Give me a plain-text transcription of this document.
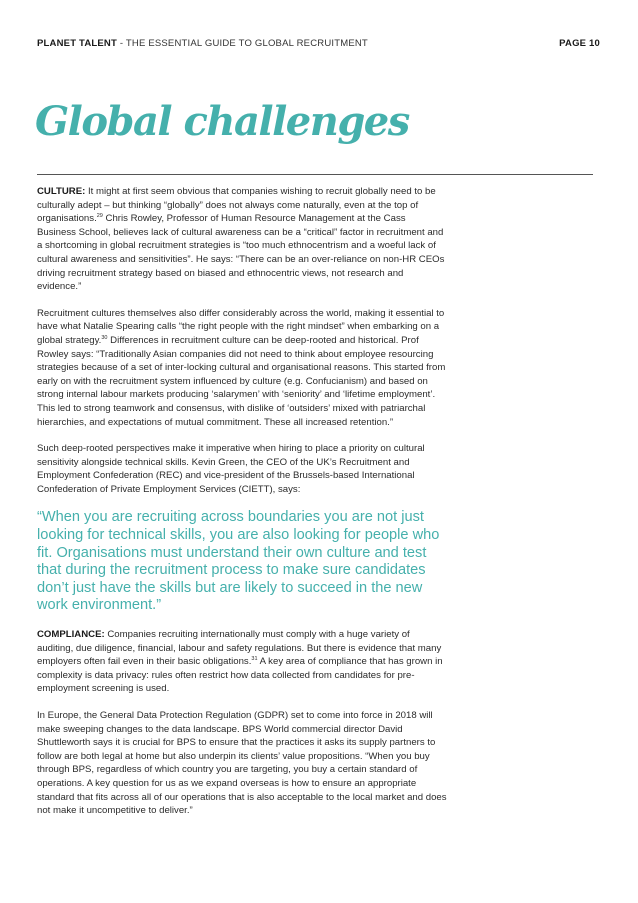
PLANET TALENT - THE ESSENTIAL GUIDE TO GLOBAL RECRUITMENT	PAGE 10
Global challenges

CULTURE: It might at first seem obvious that companies wishing to recruit globally need to be culturally adept – but thinking “globally” does not always come naturally, even at the top of organisations.$^{29}$ Chris Rowley, Professor of Human Resource Management at the Cass Business School, believes lack of cultural awareness can be a “critical” factor in recruitment and a shortcoming in global recruitment strategies is “too much ethnocentrism and a woeful lack of cultural awareness and sensitivities”. He says: “There can be an over-reliance on non-HR CEOs driving recruitment strategy based on biased and ethnocentric views, not research and evidence.”

Recruitment cultures themselves also differ considerably across the world, making it essential to have what Natalie Spearing calls “the right people with the right mindset” when embarking on a global strategy.$^{30}$ Differences in recruitment culture can be deep-rooted and historical. Prof Rowley says: “Traditionally Asian companies did not need to think about employee resourcing strategies because of a set of inter-locking cultural and organisational reasons. This started from early on with the recruitment system influenced by culture (e.g. Confucianism) and based on strong internal labour markets producing ‘salarymen’ with ‘seniority’ and ‘lifetime employment’. This led to strong teamwork and consensus, with dislike of ‘outsiders’ mixed with patriarchal hierarchies, and expectations of mutual commitment. These all increased retention.”

Such deep-rooted perspectives make it imperative when hiring to place a priority on cultural sensitivity alongside technical skills. Kevin Green, the CEO of the UK’s Recruitment and Employment Confederation (REC) and vice-president of the Brussels-based International Confederation of Private Employment Services (CIETT), says:

“When you are recruiting across boundaries you are not just looking for technical skills, you are also looking for people who fit. Organisations must understand their own culture and test that during the recruitment process to make sure candidates don’t just have the skills but are likely to succeed in the new work environment.”

COMPLIANCE: Companies recruiting internationally must comply with a huge variety of auditing, due diligence, financial, labour and safety regulations. But there is evidence that many employers often fail even in their basic obligations.$^{31}$ A key area of compliance that has grown in complexity is data privacy: rules often restrict how data collected from candidates for pre-employment screening is used.

In Europe, the General Data Protection Regulation (GDPR) set to come into force in 2018 will make sweeping changes to the data landscape. BPS World commercial director David Shuttleworth says it is crucial for BPS to ensure that the practices it asks its supply partners to follow are both legal at home but also underpin its clients’ value propositions. “When you buy through BPS, regardless of which country you are targeting, you buy a certain standard of operations. A key question for us as we expand overseas is how to ensure an appropriate standard that fits across all of our operations that is also acceptable to the local market and does not make it uncompetitive to deliver.”
